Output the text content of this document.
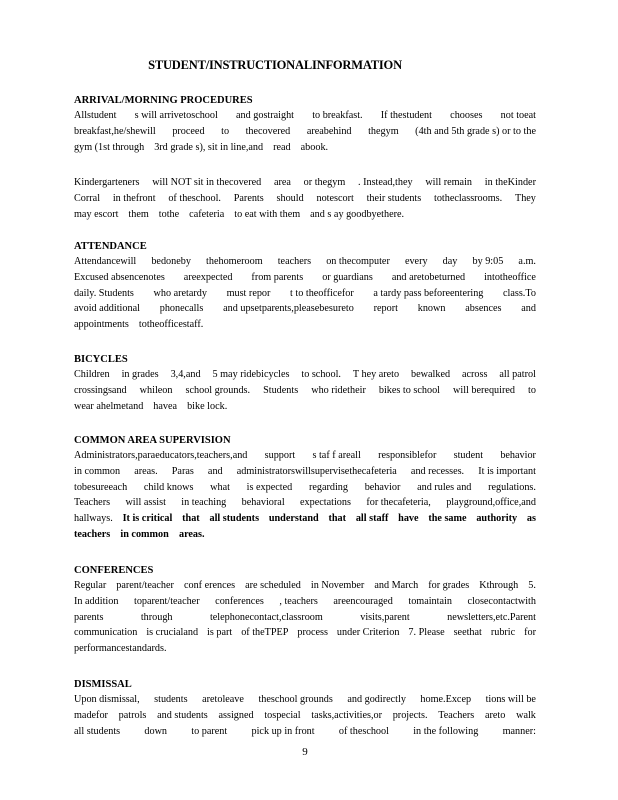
STUDENT/INSTRUCTIONALINFORMATION
ARRIVAL/MORNING PROCEDURES
Allstudent s will arrivetoschool and gostraight to breakfast. If thestudent chooses not toeat
breakfast,he/shewill proceed to thecovered areabehind thegym (4th and 5th grade s) or to the
gym (1st through 3rd grade s), sit in line,and read abook.
Kindergarteners will NOT sit in thecovered area or thegym . Instead,they will remain in theKinder
Corral in thefront of theschool. Parents should notescort their students totheclassrooms. They
may escort them tothe cafeteria to eat with them and s ay goodbyethere.
ATTENDANCE
Attendancewill bedoneby thehomeroom teachers on thecomputer every day by 9:05 a.m.
Excused absencenotes areexpected from parents or guardians and aretobeturned intotheoffice
daily. Students who aretardy must repor t to theofficefor a tardy pass beforeentering class.To
avoid additional phonecalls and upsetparents,pleasebesureto report known absences and
appointments totheofficestaff.
BICYCLES
Children in grades 3,4,and 5 may ridebicycles to school. T hey areto bewalked across all patrol
crossingsand whileon school grounds. Students who ridetheir bikes to school will berequired to
wear ahelmetand havea bike lock.
COMMON AREA SUPERVISION
Administrators,paraeducators,teachers,and support s taf f areall responsiblefor student behavior
in common areas. Paras and administratorswillsupervisethecafeteria and recesses. It is important
tobesureeach child knows what is expected regarding behavior and rules and regulations.
Teachers will assist in teaching behavioral expectations for thecafeteria, playground,office,and
hallways. It is critical that all students understand that all staff have the same authority as
teachers    in common    areas.
CONFERENCES
Regular parent/teacher conf erences are scheduled in November and March for grades Kthrough 5.
In addition toparent/teacher conferences , teachers areencouraged tomaintain closecontactwith
parents	through	telephonecontact,classroom	visits,parent	newsletters,etc.Parent
communication is crucialand is part of theTPEP process under Criterion 7. Please seethat rubric for
performancestandards.
DISMISSAL
Upon dismissal, students aretoleave theschool grounds and godirectly home.Excep tions will be
madefor patrols and students assigned tospecial tasks,activities,or projects. Teachers areto walk
all students down to parent pick up in front of theschool in the following manner:
9
